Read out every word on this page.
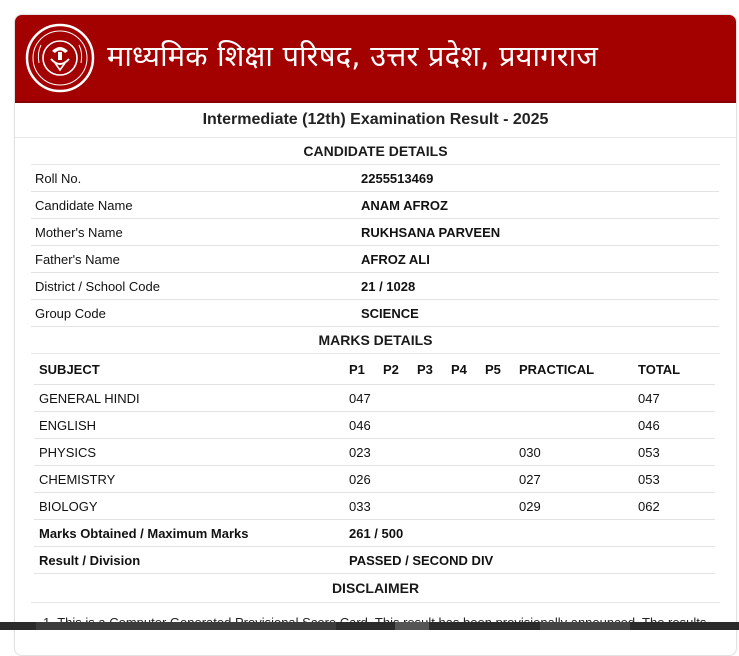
माध्यमिक शिक्षा परिषद, उत्तर प्रदेश, प्रयागराज
Intermediate (12th) Examination Result - 2025
CANDIDATE DETAILS
Roll No.	2255513469
Candidate Name	ANAM AFROZ
Mother's Name	RUKHSANA PARVEEN
Father's Name	AFROZ ALI
District / School Code	21 / 1028
Group Code	SCIENCE
MARKS DETAILS
SUBJECT	P1	P2	P3	P4	P5	PRACTICAL	TOTAL
GENERAL HINDI	047						047
ENGLISH	046						046
PHYSICS	023					030	053
CHEMISTRY	026					027	053
BIOLOGY	033					029	062
Marks Obtained / Maximum Marks	261 / 500						
Result / Division	PASSED / SECOND DIV						
DISCLAIMER
